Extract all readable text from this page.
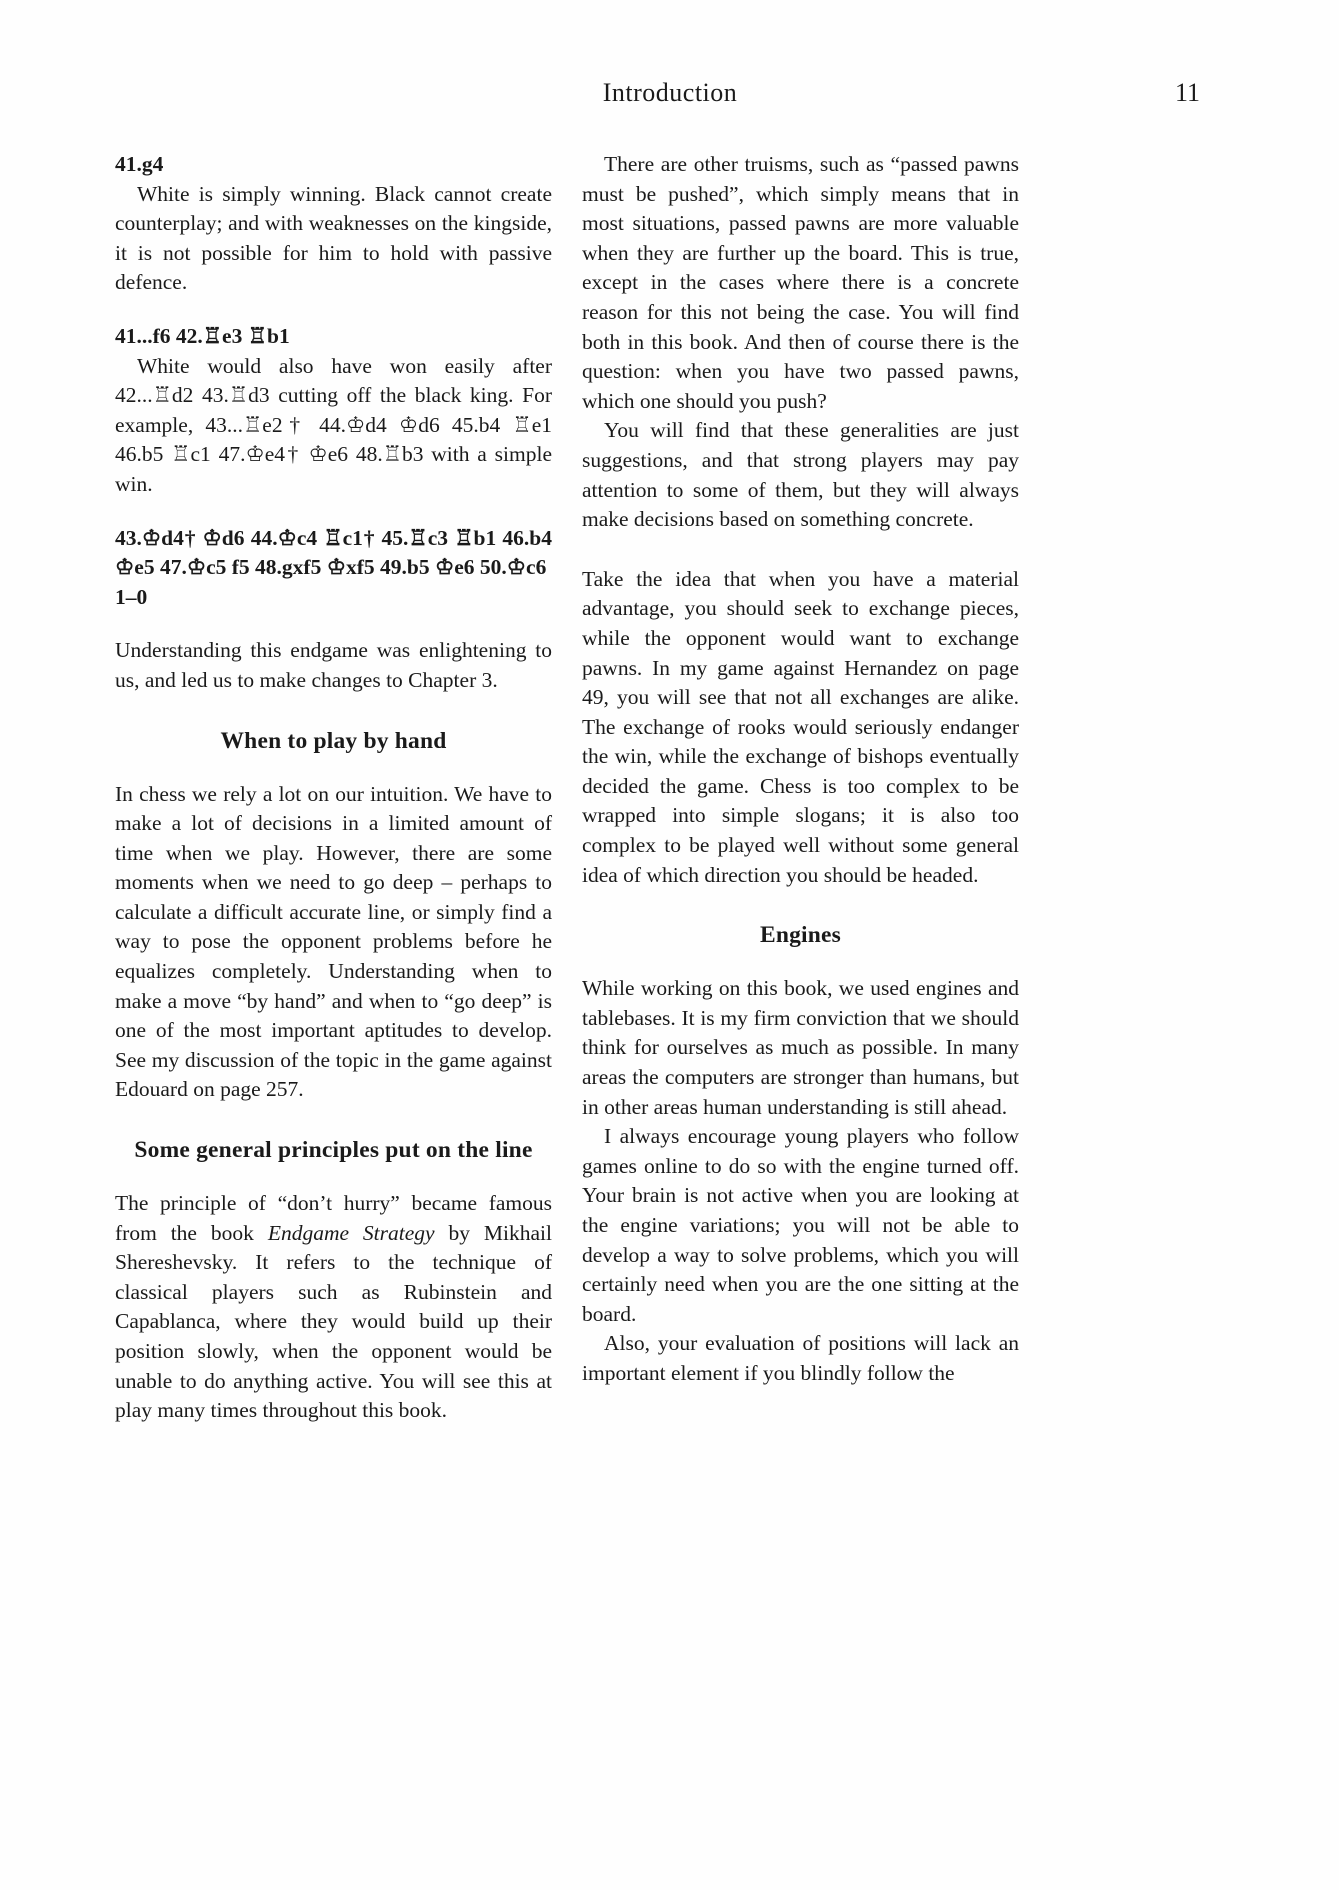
Introduction	11
41.g4

White is simply winning. Black cannot create counterplay; and with weaknesses on the kingside, it is not possible for him to hold with passive defence.

41...f6 42.♖e3 ♖b1

White would also have won easily after 42...♖d2 43.♖d3 cutting off the black king. For example, 43...♖e2† 44.♔d4 ♔d6 45.b4 ♖e1 46.b5 ♖c1 47.♔e4† ♔e6 48.♖b3 with a simple win.

43.♔d4† ♔d6 44.♔c4 ♖c1† 45.♖c3 ♖b1 46.b4 ♔e5 47.♔c5 f5 48.gxf5 ♔xf5 49.b5 ♔e6 50.♔c6
1–0

Understanding this endgame was enlightening to us, and led us to make changes to Chapter 3.

When to play by hand

In chess we rely a lot on our intuition. We have to make a lot of decisions in a limited amount of time when we play. However, there are some moments when we need to go deep – perhaps to calculate a difficult accurate line, or simply find a way to pose the opponent problems before he equalizes completely. Understanding when to make a move “by hand” and when to “go deep” is one of the most important aptitudes to develop. See my discussion of the topic in the game against Edouard on page 257.

Some general principles put on the line

The principle of “don’t hurry” became famous from the book Endgame Strategy by Mikhail Shereshevsky. It refers to the technique of classical players such as Rubinstein and Capablanca, where they would build up their position slowly, when the opponent would be unable to do anything active. You will see this at play many times throughout this book.

There are other truisms, such as “passed pawns must be pushed”, which simply means that in most situations, passed pawns are more valuable when they are further up the board. This is true, except in the cases where there is a concrete reason for this not being the case. You will find both in this book. And then of course there is the question: when you have two passed pawns, which one should you push?

You will find that these generalities are just suggestions, and that strong players may pay attention to some of them, but they will always make decisions based on something concrete.

Take the idea that when you have a material advantage, you should seek to exchange pieces, while the opponent would want to exchange pawns. In my game against Hernandez on page 49, you will see that not all exchanges are alike. The exchange of rooks would seriously endanger the win, while the exchange of bishops eventually decided the game. Chess is too complex to be wrapped into simple slogans; it is also too complex to be played well without some general idea of which direction you should be headed.

Engines

While working on this book, we used engines and tablebases. It is my firm conviction that we should think for ourselves as much as possible. In many areas the computers are stronger than humans, but in other areas human understanding is still ahead.

I always encourage young players who follow games online to do so with the engine turned off. Your brain is not active when you are looking at the engine variations; you will not be able to develop a way to solve problems, which you will certainly need when you are the one sitting at the board.

Also, your evaluation of positions will lack an important element if you blindly follow the
